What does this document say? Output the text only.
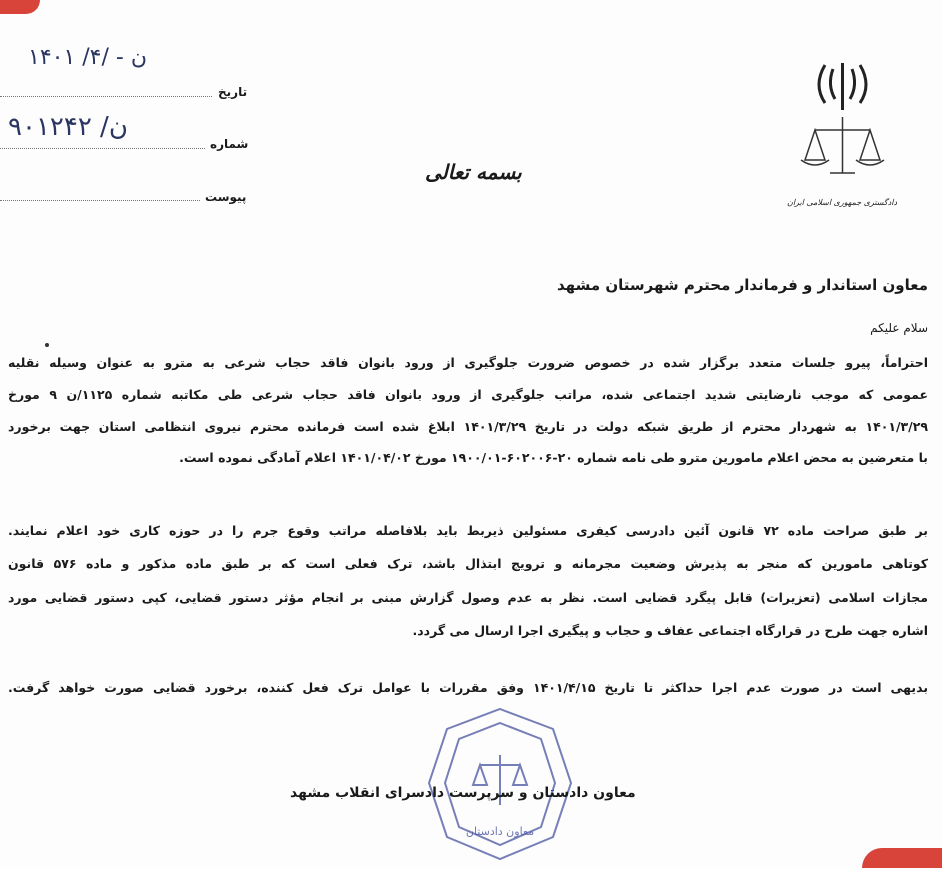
۱۴۰۱ /۴/ - ن
تاریخ
۹۰ن/ ۱۲۴۲
شماره
پیوست
بسمه تعالی
دادگستری جمهوری اسلامی ایران
معاون استاندار و فرماندار محترم شهرستان مشهد
سلام علیکم
احتراماً، پیرو جلسات متعدد برگزار شده در خصوص ضرورت جلوگیری از ورود بانوان فاقد حجاب شرعی به مترو به عنوان وسیله نقلیه
عمومی که موجب نارضایتی شدید اجتماعی شده، مراتب جلوگیری از ورود بانوان فاقد حجاب شرعی طی مکاتبه شماره ۱۱۲۵/ن ۹ مورخ
۱۴۰۱/۳/۲۹ به شهردار محترم از طریق شبکه دولت در تاریخ ۱۴۰۱/۳/۲۹ ابلاغ شده است فرمانده محترم نیروی انتظامی استان جهت برخورد
با متعرضین به محض اعلام مامورین مترو طی نامه شماره ۲۰-۶۰۲۰۰۶-۱۹۰۰/۰۱ مورخ ۱۴۰۱/۰۴/۰۲ اعلام آمادگی نموده است.
بر طبق صراحت ماده ۷۲ قانون آئین دادرسی کیفری مسئولین ذیربط باید بلافاصله مراتب وقوع جرم را در حوزه کاری خود اعلام نمایند.
کوتاهی مامورین که منجر به پذیرش وضعیت مجرمانه و ترویج ابتذال باشد، ترک فعلی است که بر طبق ماده مذکور و ماده ۵۷۶ قانون
مجازات اسلامی (تعزیرات) قابل پیگرد قضایی است. نظر به عدم وصول گزارش مبنی بر انجام مؤثر دستور قضایی، کپی دستور قضایی مورد
اشاره جهت طرح در قرارگاه اجتماعی عفاف و حجاب و پیگیری اجرا ارسال می گردد.
بدیهی است در صورت عدم اجرا حداکثر تا تاریخ ۱۴۰۱/۴/۱۵ وفق مقررات با عوامل ترک فعل کننده، برخورد قضایی صورت خواهد گرفت.
معاون دادستان
معاون دادستان و سرپرست دادسرای انقلاب مشهد
